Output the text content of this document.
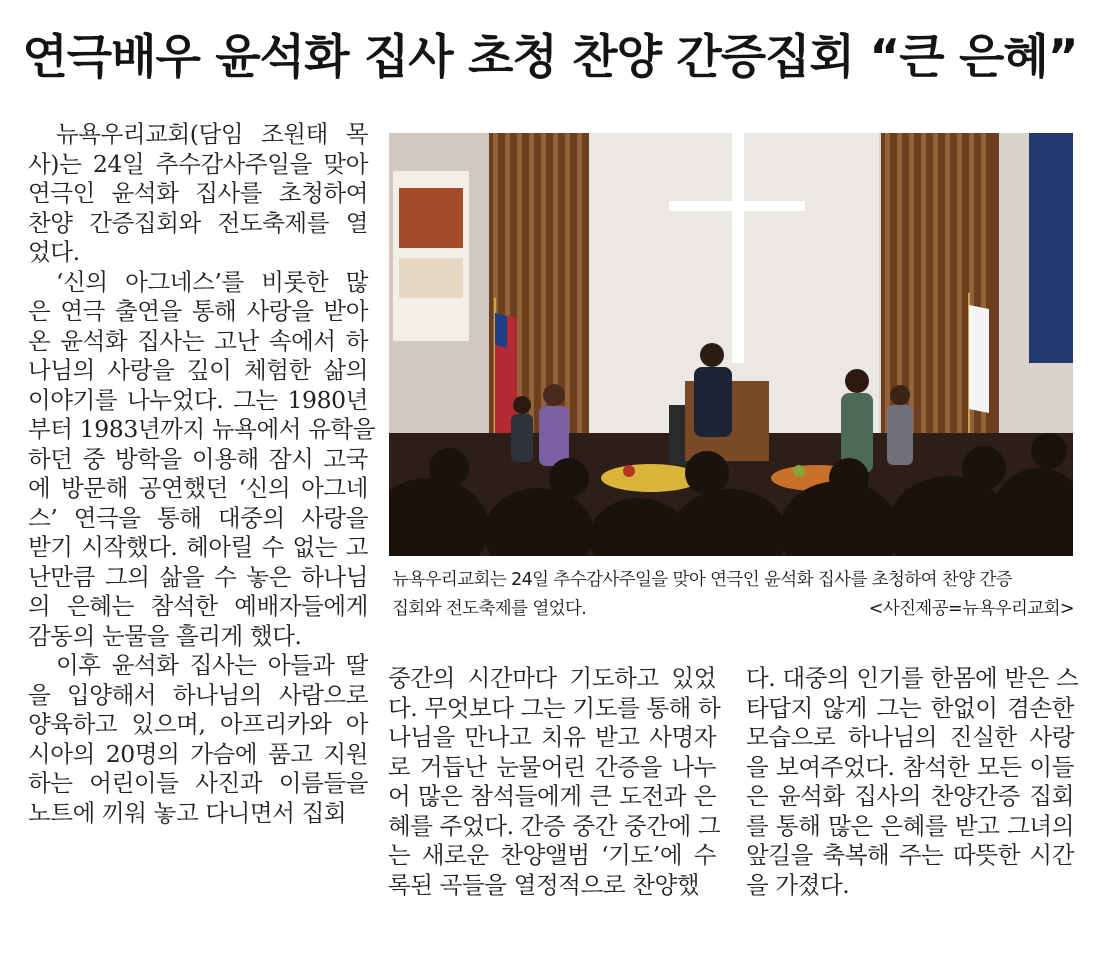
연극배우 윤석화 집사 초청 찬양 간증집회 “큰 은혜”
뉴욕우리교회(담임 조원태 목
사)는 24일 추수감사주일을 맞아
연극인 윤석화 집사를 초청하여
찬양 간증집회와 전도축제를 열
었다.
‘신의 아그네스’를 비롯한 많
은 연극 출연을 통해 사랑을 받아
온 윤석화 집사는 고난 속에서 하
나님의 사랑을 깊이 체험한 삶의
이야기를 나누었다. 그는 1980년
부터 1983년까지 뉴욕에서 유학을
하던 중 방학을 이용해 잠시 고국
에 방문해 공연했던 ‘신의 아그네
스’ 연극을 통해 대중의 사랑을
받기 시작했다. 헤아릴 수 없는 고
난만큼 그의 삶을 수 놓은 하나님
의 은혜는 참석한 예배자들에게
감동의 눈물을 흘리게 했다.
이후 윤석화 집사는 아들과 딸
을 입양해서 하나님의 사람으로
양육하고 있으며, 아프리카와 아
시아의 20명의 가슴에 품고 지원
하는 어린이들 사진과 이름들을
노트에 끼워 놓고 다니면서 집회
뉴욕우리교회는 24일 추수감사주일을 맞아 연극인 윤석화 집사를 초청하여 찬양 간증
집회와 전도축제를 열었다.	<사진제공=뉴욕우리교회>
중간의 시간마다 기도하고 있었
다. 무엇보다 그는 기도를 통해 하
나님을 만나고 치유 받고 사명자
로 거듭난 눈물어린 간증을 나누
어 많은 참석들에게 큰 도전과 은
혜를 주었다. 간증 중간 중간에 그
는 새로운 찬양앨범 ‘기도’에 수
록된 곡들을 열정적으로 찬양했
다. 대중의 인기를 한몸에 받은 스
타답지 않게 그는 한없이 겸손한
모습으로 하나님의 진실한 사랑
을 보여주었다. 참석한 모든 이들
은 윤석화 집사의 찬양간증 집회
를 통해 많은 은혜를 받고 그녀의
앞길을 축복해 주는 따뜻한 시간
을 가졌다.
